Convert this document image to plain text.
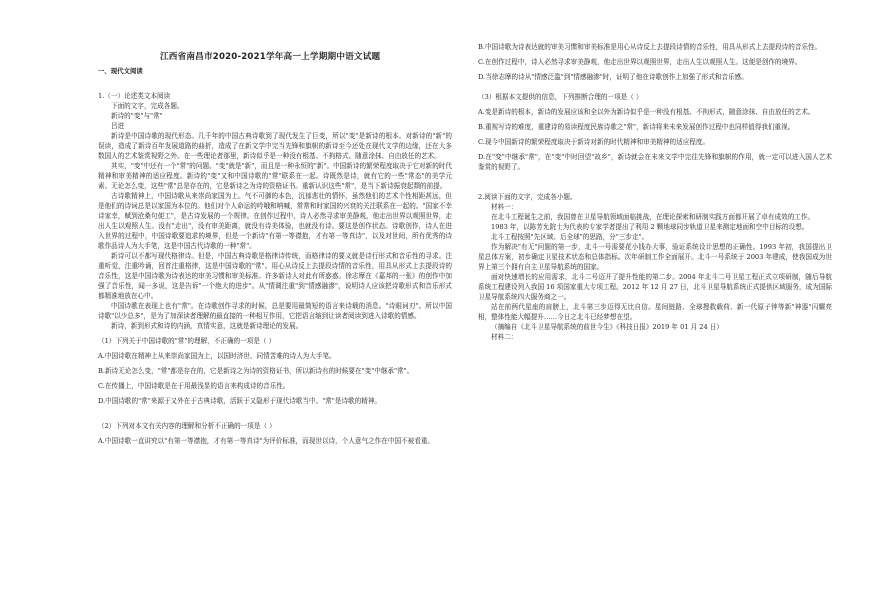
江西省南昌市2020-2021学年高一上学期期中语文试题

一、现代文阅读

1.（一）论述类文本阅读

下面的文字，完成各题。

新诗的"变"与"常"

吕进

新诗是中国诗歌的现代形态。几千年的中国古典诗歌到了现代发生了巨变，所以"变"是新诗的根本。对新诗的"新"的误读，造成了新诗百年发展道路的曲折，造成了在新文学中完当先锋和旗帜的新诗至今还处在现代文学的边缘，还在大多数国人的艺术鉴赏视野之外。在一些理论者那里，新诗似乎是一种没有根基、不拘格式、随意涂抹、自由放任的艺术。

其实，"变"中还有一个"常"的问题。"变"就是"新"，而且是一种永恒的"新"。中国新诗的繁荣程度取决于它对新的时代精神和审美精神的适应程度。新诗的"变"又和中国诗歌的"常"联系在一起。诗既然是诗，就有它的一些"常态"的美学元素。无论怎么变，这些"常"总是存在的，它是新诗之为诗的资格证书。重新认识这些"常"，是当下新诗振衰起颓的前提。

古诗歌精神上，中国诗歌从来崇尚家国为上。气不可御的本色，沉郁悲壮的情怀，虽然他们的艺术个性相距甚远，但是他们的诗词总是以家国为本位的。他们对个人命运的吟哦和呐喊，常常和时家国的兴衰的关注联系在一起的。"国家不幸诗家幸，赋到沧桑句便工"，是古诗发展的一个规律。在创作过程中，诗人必然寻求审美静观，他走出世界以观照世界，走出人生以观照人生。没有"走出"，没有审美距离，就没有诗美体验，也就没有诗。要这是创作状态。诗歌创作，诗人在进入世界的过程中，中国诗歌要追求的境界，但是一个新诗"有第一等襟抱，才有第一等真诗"，以及对世间，所有优秀的诗歌作品诗人为大手笔，这是中国古代诗歌的一种"常"。

新诗可以不都写现代格律诗。但是，中国古典诗歌是格律诗传统，而格律诗的要义就是诗行形式和音乐性的寻求。注重听觉，注重吟诵，回首注重格律，这是中国诗歌的"常"。用心从诗反上去提段诗情的音乐性，用具从形式上去提段诗的音乐性，这是中国诗歌为诗表达的审美习惯和审美标准。许多新诗人对此有所惑惑。徐志摩在《嘉邦的一张》的创作中加强了音乐性，闻一多说，这是告诉"一个绝大的进步"。从"情调注重"到"情感融渗"，说明诗人应该把诗歌形式和音乐形式都精准地放在心中。

中国诗歌在表现上也有"常"。在诗歌创作寻求的时候，总是要用最简短的语言来诗载的消息。"诗眼词刃"。所以中国诗歌"以少总多"，是为了加深读者理解的最直接的一种相互作用，它把语言缩到让读者阅读到进入诗歌的情感。

新诗，新到形式和诗的内涵，真情实意，这就是新诗理论的发展。

（1）下列关于中国诗歌的"常"的理解，不正确的一项是（ ）

A.中国诗歌在精神上从来崇尚家国为上，以国时济世、同情苦难的诗人为大手笔。

B.新诗无论怎么变，"常"都是存在的，它是新诗之为诗的资格证书，所以新诗有的时候要在"变"中继承"常"。

C.在传播上，中国诗歌是在于用最浅显的语言来构成诗的音乐性。

D.中国诗歌的"常"来源于又外在于古典诗歌，活跃于又隐形于现代诗歌当中。"常"是诗歌的精神。

（2）下列对本文有关内容的理解和分析不正确的一项是（ ）

A.中国诗歌一直讲究以"有第一等襟抱，才有第一等真诗"为评价标准，而现世以诗，个人意气之作在中国不被看重。

B.中国诗歌为诗表达就的审美习惯和审美标准是用心从诗反上去提段诗情的音乐性，用具从形式上去提段诗的音乐性。

C.在创作过程中，诗人必然寻求审美静观，他走出世界以观照世界，走出人生以观照人生。这便是创作的境界。

D.当徐志摩的诗从"情感泛滥"到"情感融渗"时，证明了他在诗歌创作上加强了形式和音乐感。

（3）根据本文提供的信息，下列推断合理的一项是（ ）

A.变是新诗的根本，新诗的发展应该和全以外为新诗似乎是一种没有根基、不拘形式，随意涂抹、自由放任的艺术。

B.重视写诗的难度，重建诗的易读程度民族诗歌之"常"，新诗将来未来发展创作过程中也同样值得我们重视。

C.现今中国新诗的繁荣程度取决于新诗对新的时代精神和审美精神的适应程度。

D.在"变"中继承"常"，在"变"中时回望"故乡"，新诗就会在未来文学中完往先锋和旗帜的作用，就一定可以进入国人艺术鉴赏的视野了。

2.阅读下面的文字，完成各小题。

材料一：

在北斗工程诞生之前，我国曾在卫星导航领域面临挑战，在理论探索和研制实践方面都开展了卓有成效的工作。

1983 年，以陈芳允院士为代表的专家学者提出了利用 2 颗地球同步轨道卫星来测定地面和空中目标的设想。

北斗工程按照"先区域、后全球"的思路，分"三步走"。

作为解决"有无"问题的第一步，北斗一号需要花小钱办大事，验证系统设计思想的正确性。1993 年初，我国提出卫星总体方案，初步确定卫星技术状态和总体指标。次年研制工作全面展开。北斗一号系统于 2003 年建成，使我国成为世界上第三个拥有自主卫星导航系统的国家。

面对快速增长的应用需求，北斗二号迈开了提升性能的第二步。2004 年北斗二号卫星工程正式立项研制，随后导航系统工程建设列入我国 16 项国家重大专项工程。2012 年 12 月 27 日，北斗卫星导航系统正式提供区域服务，成为国际卫星导航系统四大服务商之一。

站在前两代星座的肩膀上，北斗第三步迈得无比自信。星间链路、全球搜救载荷、新一代原子钟等新"神器"闪耀亮相，整体性能大幅提升……今日之北斗已经梦想在望。

（摘编自《北斗卫星导航系统的前世今生》《科技日报》2019 年 01 月 24 日）

材料二：
